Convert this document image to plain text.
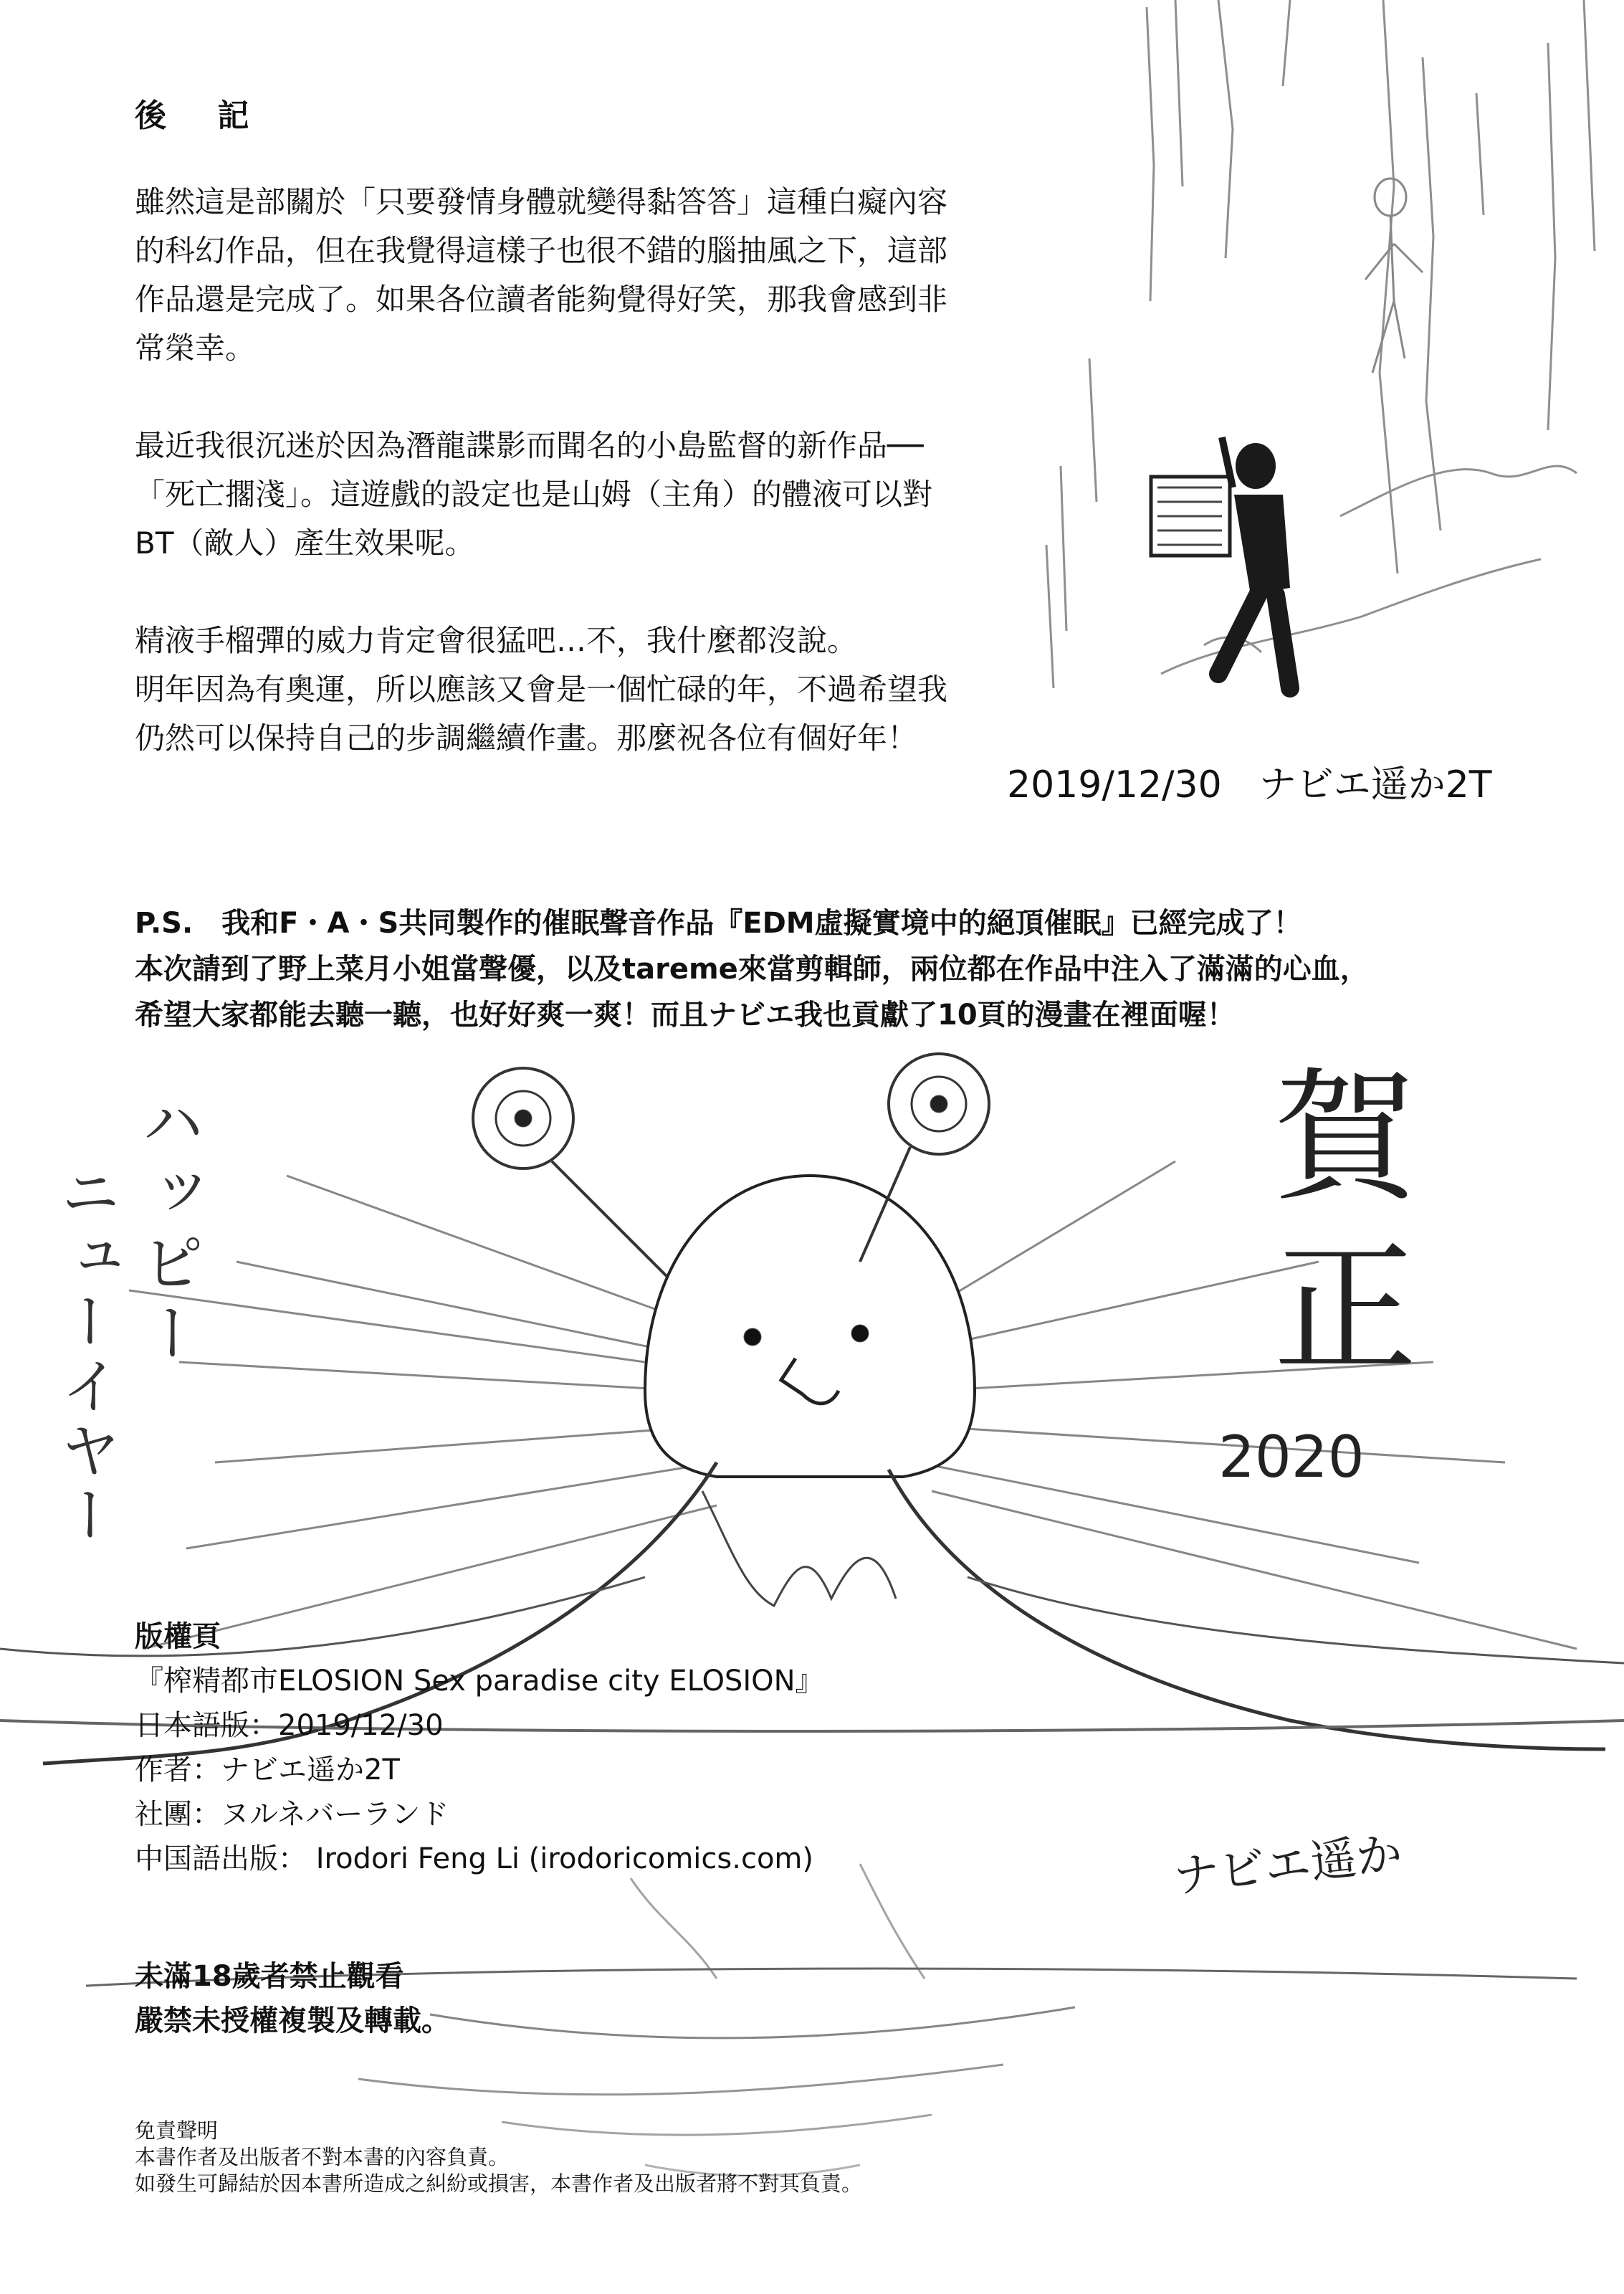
ハッピー
ニューイヤー	賀正
2020
ナビエ遥か
後 記

雖然這是部關於「只要發情身體就變得黏答答」這種白癡內容
的科幻作品，但在我覺得這樣子也很不錯的腦抽風之下，這部
作品還是完成了。如果各位讀者能夠覺得好笑，那我會感到非
常榮幸。

最近我很沉迷於因為潛龍諜影而聞名的小島監督的新作品──
「死亡擱淺」。這遊戲的設定也是山姆（主角）的體液可以對
BT（敵人）產生效果呢。

精液手榴彈的威力肯定會很猛吧…不，我什麼都沒說。
明年因為有奧運，所以應該又會是一個忙碌的年，不過希望我
仍然可以保持自己的步調繼續作畫。那麼祝各位有個好年！

2019/12/30　ナビエ遥か2T
P.S.　我和F・A・S共同製作的催眠聲音作品『EDM虛擬實境中的絕頂催眠』已經完成了！
本次請到了野上菜月小姐當聲優，以及tareme來當剪輯師，兩位都在作品中注入了滿滿的心血，
希望大家都能去聽一聽，也好好爽一爽！而且ナビエ我也貢獻了10頁的漫畫在裡面喔！
版權頁
『榨精都市ELOSION Sex paradise city ELOSION』
日本語版：2019/12/30
作者：ナビエ遥か2T
社團：ヌルネバーランド
中国語出版： Irodori Feng Li (irodoricomics.com)
未滿18歲者禁止觀看
嚴禁未授權複製及轉載。
免責聲明
本書作者及出版者不對本書的內容負責。
如發生可歸結於因本書所造成之糾紛或損害，本書作者及出版者將不對其負責。
